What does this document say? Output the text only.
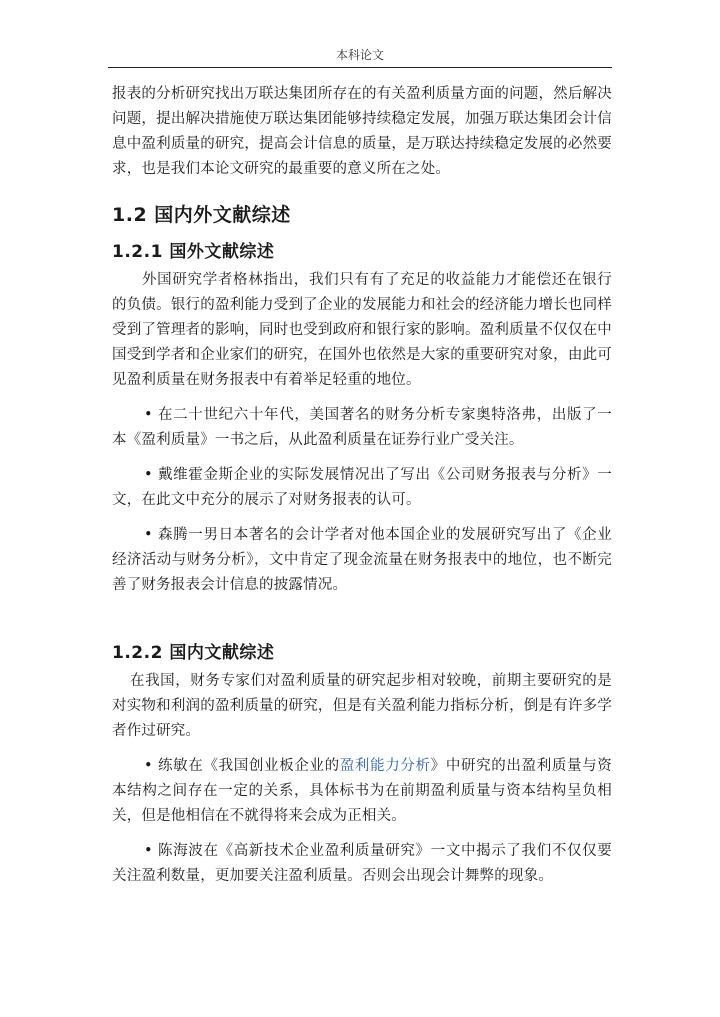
本科论文

报表的分析研究找出万联达集团所存在的有关盈利质量方面的问题，然后解决问题，提出解决措施使万联达集团能够持续稳定发展，加强万联达集团会计信息中盈利质量的研究，提高会计信息的质量，是万联达持续稳定发展的必然要求，也是我们本论文研究的最重要的意义所在之处。

1.2 国内外文献综述
1.2.1 国外文献综述

外国研究学者格林指出，我们只有有了充足的收益能力才能偿还在银行的负债。银行的盈利能力受到了企业的发展能力和社会的经济能力增长也同样受到了管理者的影响，同时也受到政府和银行家的影响。盈利质量不仅仅在中国受到学者和企业家们的研究，在国外也依然是大家的重要研究对象，由此可见盈利质量在财务报表中有着举足轻重的地位。

• 在二十世纪六十年代，美国著名的财务分析专家奥特洛弗，出版了一本《盈利质量》一书之后，从此盈利质量在证券行业广受关注。

• 戴维霍金斯企业的实际发展情况出了写出《公司财务报表与分析》一文，在此文中充分的展示了对财务报表的认可。

• 森腾一男日本著名的会计学者对他本国企业的发展研究写出了《企业经济活动与财务分析》，文中肯定了现金流量在财务报表中的地位，也不断完善了财务报表会计信息的披露情况。

1.2.2 国内文献综述

在我国，财务专家们对盈利质量的研究起步相对较晚，前期主要研究的是对实物和利润的盈利质量的研究，但是有关盈利能力指标分析，倒是有许多学者作过研究。

• 练敏在《我国创业板企业的盈利能力分析》中研究的出盈利质量与资本结构之间存在一定的关系，具体标书为在前期盈利质量与资本结构呈负相关，但是他相信在不就得将来会成为正相关。

• 陈海波在《高新技术企业盈利质量研究》一文中揭示了我们不仅仅要关注盈利数量，更加要关注盈利质量。否则会出现会计舞弊的现象。
